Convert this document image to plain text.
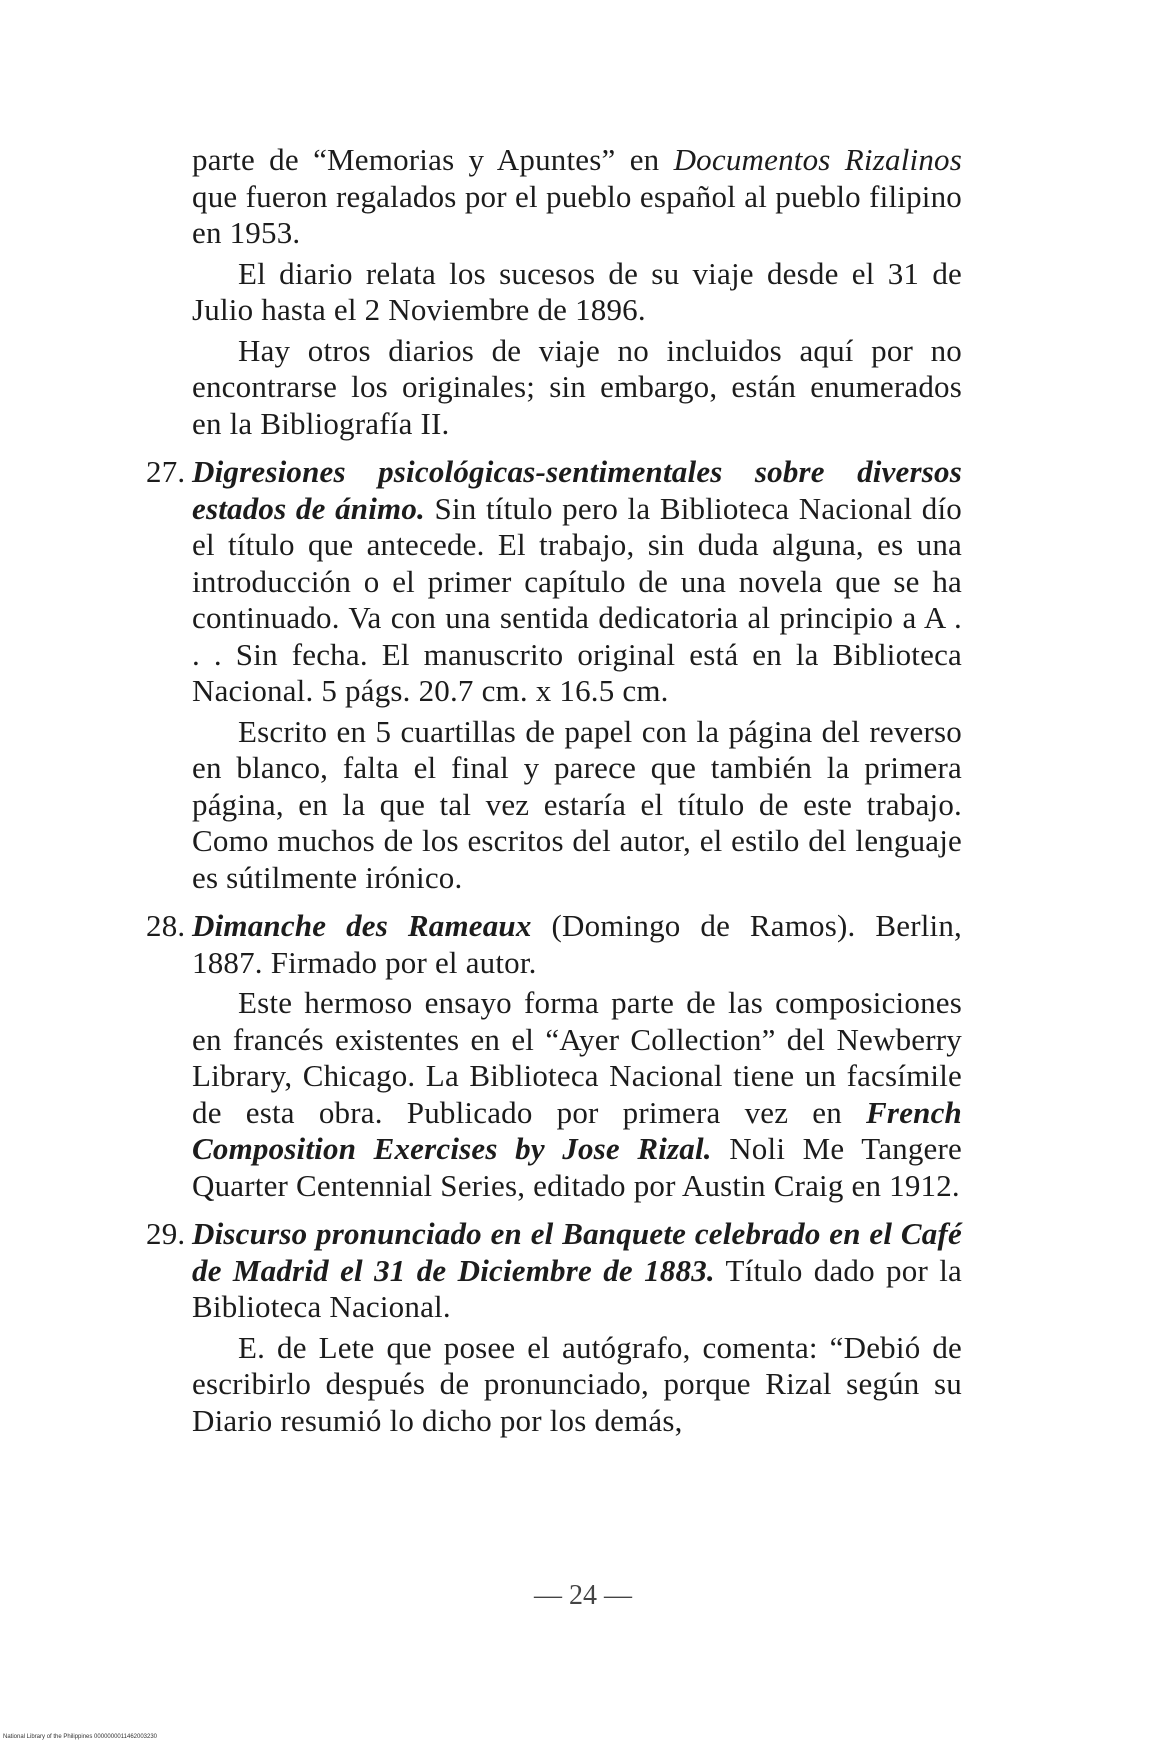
parte de “Memorias y Apuntes” en Documentos Rizalinos que fueron regalados por el pueblo español al pueblo filipino en 1953.

El diario relata los sucesos de su viaje desde el 31 de Julio hasta el 2 Noviembre de 1896.

Hay otros diarios de viaje no incluidos aquí por no encontrarse los originales; sin embargo, están enumerados en la Bibliografía II.

27. Digresiones psicológicas-sentimentales sobre diversos estados de ánimo. Sin título pero la Biblioteca Nacional dío el título que antecede. El trabajo, sin duda alguna, es una introducción o el primer capítulo de una novela que se ha continuado. Va con una sentida dedicatoria al principio a A . . . Sin fecha. El manuscrito original está en la Biblioteca Nacional. 5 págs. 20.7 cm. x 16.5 cm.

Escrito en 5 cuartillas de papel con la página del reverso en blanco, falta el final y parece que también la primera página, en la que tal vez estaría el título de este trabajo. Como muchos de los escritos del autor, el estilo del lenguaje es sútilmente irónico.

28. Dimanche des Rameaux (Domingo de Ramos). Berlin, 1887. Firmado por el autor.

Este hermoso ensayo forma parte de las composiciones en francés existentes en el “Ayer Collection” del Newberry Library, Chicago. La Biblioteca Nacional tiene un facsímile de esta obra. Publicado por primera vez en French Composition Exercises by Jose Rizal. Noli Me Tangere Quarter Centennial Series, editado por Austin Craig en 1912.

29. Discurso pronunciado en el Banquete celebrado en el Café de Madrid el 31 de Diciembre de 1883. Título dado por la Biblioteca Nacional.

E. de Lete que posee el autógrafo, comenta: “Debió de escribirlo después de pronunciado, porque Rizal según su Diario resumió lo dicho por los demás,

— 24 —
National Library of the Philippines 0000000011462003230
